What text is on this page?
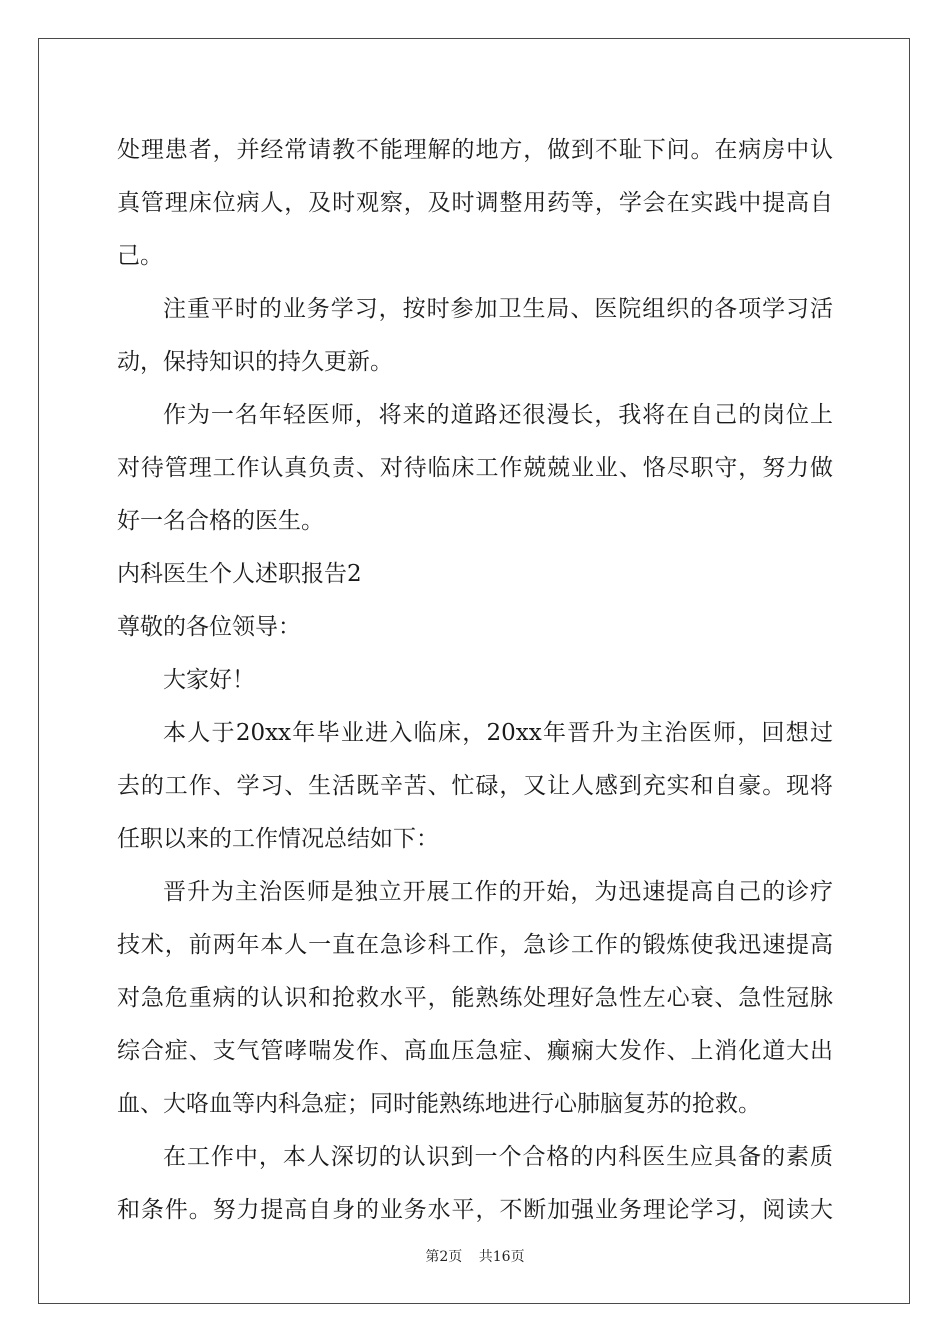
处理患者，并经常请教不能理解的地方，做到不耻下问。在病房中认
真管理床位病人，及时观察，及时调整用药等，学会在实践中提高自
己。
注重平时的业务学习，按时参加卫生局、医院组织的各项学习活
动，保持知识的持久更新。
作为一名年轻医师，将来的道路还很漫长，我将在自己的岗位上
对待管理工作认真负责、对待临床工作兢兢业业、恪尽职守，努力做
好一名合格的医生。
内科医生个人述职报告2
尊敬的各位领导：
大家好！
本人于20xx年毕业进入临床，20xx年晋升为主治医师，回想过
去的工作、学习、生活既辛苦、忙碌，又让人感到充实和自豪。现将
任职以来的工作情况总结如下：
晋升为主治医师是独立开展工作的开始，为迅速提高自己的诊疗
技术，前两年本人一直在急诊科工作，急诊工作的锻炼使我迅速提高
对急危重病的认识和抢救水平，能熟练处理好急性左心衰、急性冠脉
综合症、支气管哮喘发作、高血压急症、癫痫大发作、上消化道大出
血、大咯血等内科急症；同时能熟练地进行心肺脑复苏的抢救。
在工作中，本人深切的认识到一个合格的内科医生应具备的素质
和条件。努力提高自身的业务水平，不断加强业务理论学习，阅读大
第2页 共16页
